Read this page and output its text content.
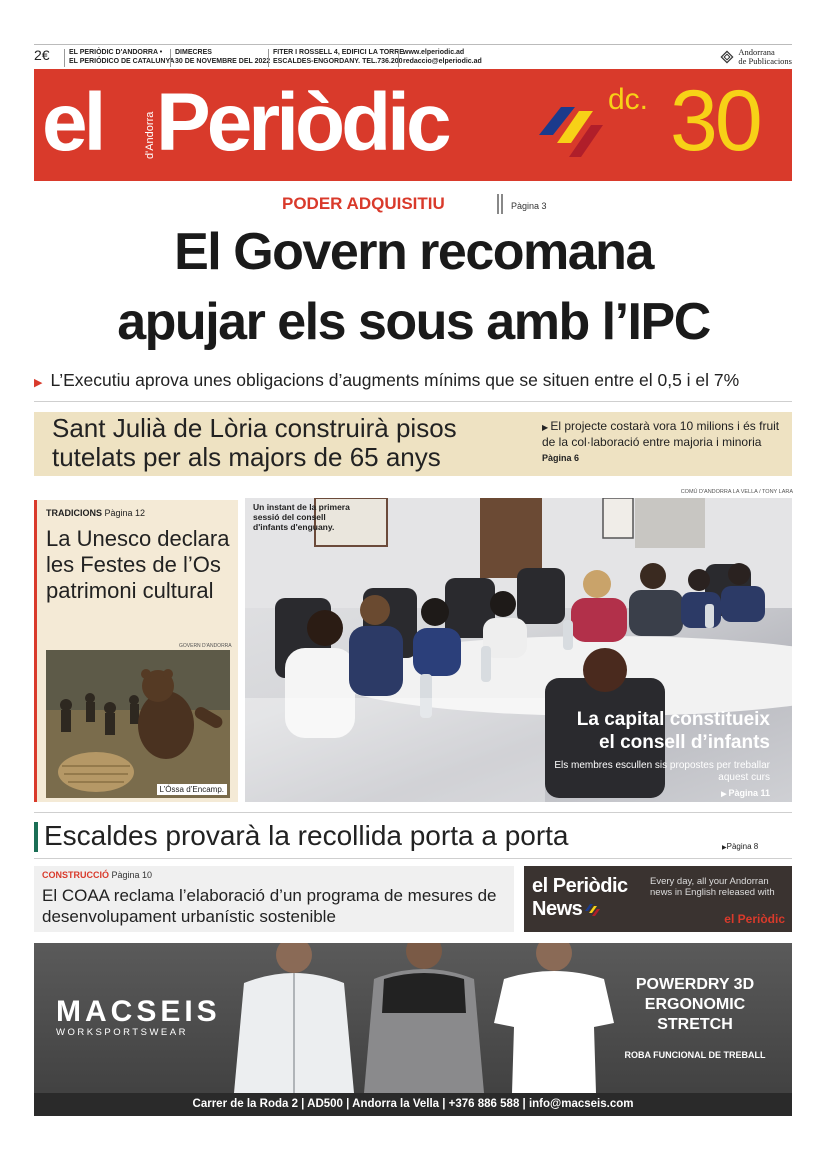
2€	EL PERIÒDIC D'ANDORRA •
EL PERIÓDICO DE CATALUNYA
DIMECRES
30 DE NOVEMBRE DEL 2022
FITER I ROSSELL 4, EDIFICI LA TORRE
ESCALDES-ENGORDANY. TEL.736.200
www.elperiodic.ad
redaccio@elperiodic.ad
Andorrana
de Publicacions
el	d'Andorra Periòdic	dc. 30
PODER ADQUISITIU	Pàgina 3
El Govern recomana
apujar els sous amb l’IPC
▶ L’Executiu aprova unes obligacions d’augments mínims que se situen entre el 0,5 i el 7%
Sant Julià de Lòria construirà pisos tutelats per als majors de 65 anys
▶ El projecte costarà vora 10 milions i és fruit de la col·laboració entre majoria i minoria Pàgina 6
TRADICIONS Pàgina 12
La Unesco declara les Festes de l’Os patrimoni cultural
L’Óssa d’Encamp.
GOVERN D'ANDORRA
COMÚ D'ANDORRA LA VELLA / TONY LARA
Un instant de la primera sessió del consell d'infants d'enguany.
La capital constitueix
el consell d’infants
Els membres escullen sis propostes per treballar aquest curs
▶ Pàgina 11
Escaldes provarà la recollida porta a porta	▶Pàgina 8
CONSTRUCCIÓ Pàgina 10
El COAA reclama l’elaboració d’un programa de mesures de desenvolupament urbanístic sostenible
el Periòdic
News
Every day, all your Andorran news in English released with
el Periòdic
MACSEIS
WORKSPORTSWEAR
POWERDRY 3D ERGONOMIC STRETCH
ROBA FUNCIONAL DE TREBALL
Carrer de la Roda 2 | AD500 | Andorra la Vella | +376 886 588 | info@macseis.com
